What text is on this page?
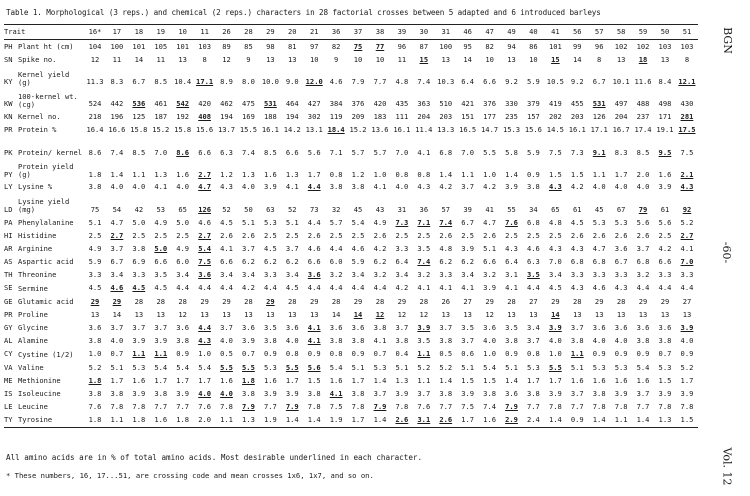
Table 1. Morphological (3 reps.) and chemical (2 reps.) characters in 28 factorial crosses between 5 adapted and 6 introduced barleys
Trait		16*	17	18	19	10	11	26	28	29	20	21	36	37	38	39	30	31	46	47	49	40	41	56	57	58	59	50	51
PH	Plant ht (cm)	104	100	101	105	101	103	89	85	98	81	97	82	75	77	96	87	100	95	82	94	86	101	99	96	102	102	103	103
SN	Spike no.	12	11	14	11	13	8	12	9	13	13	10	9	10	10	11	15	13	14	10	13	10	15	14	8	13	18	13	8
KY	Kernel yield (g)	11.3	8.3	6.7	8.5	10.4	17.1	8.9	8.0	10.0	9.0	12.0	4.6	7.9	7.7	4.8	7.4	10.3	6.4	6.6	9.2	5.9	10.5	9.2	6.7	10.1	11.6	8.4	12.1
KW	100-kernel wt. (cg)	524	442	536	461	542	420	462	475	531	464	427	384	376	420	435	363	510	421	376	330	379	419	455	531	497	488	498	430
KN	Kernel no.	218	196	125	187	192	408	194	169	188	194	302	119	209	183	111	204	203	151	177	235	157	202	203	126	204	237	171	281
PR	Protein %	16.4	16.6	15.8	15.2	15.8	15.6	13.7	15.5	16.1	14.2	13.1	18.4	15.2	13.6	16.1	11.4	13.3	16.5	14.7	15.3	15.6	14.5	16.1	17.1	16.7	17.4	19.1	17.5
PK	Protein/ kernel	8.6	7.4	8.5	7.0	8.6	6.6	6.3	7.4	8.5	6.6	5.6	7.1	5.7	5.7	7.0	4.1	6.8	7.0	5.5	5.8	5.9	7.5	7.3	9.1	8.3	8.5	9.5	7.5
PY	Protein yield (g)	1.8	1.4	1.1	1.3	1.6	2.7	1.2	1.3	1.6	1.3	1.7	0.8	1.2	1.0	0.8	0.8	1.4	1.1	1.0	1.4	0.9	1.5	1.5	1.1	1.7	2.0	1.6	2.1
LY	Lysine %	3.8	4.0	4.0	4.1	4.0	4.7	4.3	4.0	3.9	4.1	4.4	3.8	3.8	4.1	4.0	4.3	4.2	3.7	4.2	3.9	3.8	4.3	4.2	4.0	4.0	4.0	3.9	4.3
LD	Lysine yield (mg)	75	54	42	53	65	126	52	50	63	52	73	32	45	43	31	36	57	39	41	55	34	65	61	45	67	79	61	92
PA	Phenylalanine	5.1	4.7	5.0	4.9	5.0	4.6	4.5	5.1	5.3	5.1	4.4	5.7	5.4	4.9	7.3	7.1	7.4	6.7	4.7	7.6	6.8	4.8	4.5	5.3	5.3	5.6	5.6	5.2
HI	Histidine	2.5	2.7	2.5	2.5	2.5	2.7	2.6	2.6	2.5	2.5	2.6	2.5	2.5	2.6	2.5	2.5	2.6	2.5	2.6	2.5	2.5	2.5	2.6	2.6	2.6	2.6	2.5	2.7
AR	Arginine	4.9	3.7	3.8	5.0	4.9	5.4	4.1	3.7	4.5	3.7	4.6	4.4	4.6	4.2	3.3	3.5	4.8	3.9	5.1	4.3	4.6	4.3	4.3	4.7	3.6	3.7	4.2	4.1
AS	Aspartic acid	5.9	6.7	6.9	6.6	6.0	7.5	6.6	6.2	6.2	6.2	6.6	6.0	5.9	6.2	6.4	7.4	6.2	6.2	6.6	6.4	6.3	7.0	6.8	6.8	6.7	6.8	6.6	7.0
TH	Threonine	3.3	3.4	3.3	3.5	3.4	3.6	3.4	3.4	3.3	3.4	3.6	3.2	3.4	3.2	3.4	3.2	3.3	3.4	3.2	3.1	3.5	3.4	3.3	3.3	3.3	3.2	3.3	3.3
SE	Sermine	4.5	4.6	4.5	4.5	4.4	4.4	4.4	4.2	4.4	4.5	4.4	4.4	4.4	4.4	4.2	4.1	4.1	4.1	3.9	4.1	4.4	4.5	4.3	4.6	4.3	4.4	4.4	4.4
GE	Glutamic acid	29	29	28	28	28	29	29	28	29	28	29	28	29	28	29	28	26	27	29	28	27	29	28	29	28	29	29	27
PR	Proline	13	14	13	13	12	13	13	13	13	13	13	14	14	12	12	12	13	13	12	13	13	14	13	13	13	13	13	13
GY	Glycine	3.6	3.7	3.7	3.7	3.6	4.4	3.7	3.6	3.5	3.6	4.1	3.6	3.6	3.8	3.7	3.9	3.7	3.5	3.6	3.5	3.4	3.9	3.7	3.6	3.6	3.6	3.6	3.9
AL	Alamine	3.8	4.0	3.9	3.9	3.8	4.3	4.0	3.9	3.8	4.0	4.1	3.8	3.8	4.1	3.8	3.5	3.8	3.7	4.0	3.8	3.7	4.0	3.8	4.0	4.0	3.8	3.8	4.0
CY	Cystine (1/2)	1.0	0.7	1.1	1.1	0.9	1.0	0.5	0.7	0.9	0.8	0.9	0.8	0.9	0.7	0.4	1.1	0.5	0.6	1.0	0.9	0.8	1.0	1.1	0.9	0.9	0.9	0.7	0.9
VA	Valine	5.2	5.1	5.3	5.4	5.4	5.4	5.5	5.5	5.3	5.5	5.6	5.4	5.1	5.3	5.1	5.2	5.2	5.1	5.4	5.1	5.3	5.5	5.1	5.3	5.3	5.4	5.3	5.2
ME	Methionine	1.8	1.7	1.6	1.7	1.7	1.7	1.6	1.8	1.6	1.7	1.5	1.6	1.7	1.4	1.3	1.1	1.4	1.5	1.5	1.4	1.7	1.7	1.6	1.6	1.6	1.6	1.5	1.7
IS	Isoleucine	3.8	3.8	3.9	3.8	3.9	4.0	4.0	3.8	3.9	3.9	3.8	4.1	3.8	3.7	3.9	3.7	3.8	3.9	3.8	3.6	3.8	3.9	3.7	3.8	3.9	3.7	3.9	3.9
LE	Leucine	7.6	7.8	7.8	7.7	7.7	7.6	7.8	7.9	7.7	7.9	7.8	7.5	7.8	7.9	7.8	7.6	7.7	7.5	7.4	7.9	7.7	7.8	7.7	7.8	7.8	7.7	7.8	7.8
TY	Tyrosine	1.8	1.1	1.8	1.6	1.8	2.0	1.1	1.3	1.9	1.4	1.4	1.9	1.7	1.4	2.6	3.1	2.6	1.7	1.6	2.9	2.4	1.4	0.9	1.4	1.1	1.4	1.3	1.5
All amino acids are in % of total amino acids. Most desirable underlined in each character.
* These numbers, 16, 17...51, are crossing code and mean crosses 1x6, 1x7, and so on.
BGN
-60-
Vol. 12
